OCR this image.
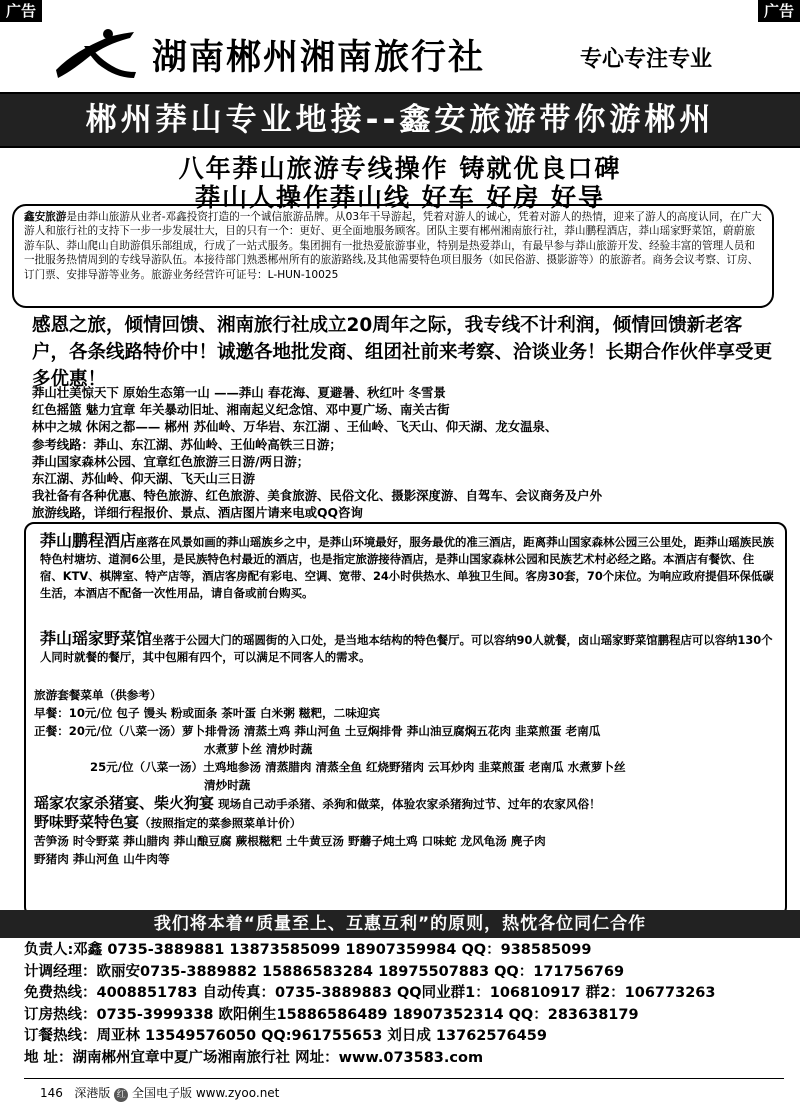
广告	广告
湖南郴州湘南旅行社	专心专注专业
郴州莽山专业地接--鑫安旅游带你游郴州
八年莽山旅游专线操作 铸就优良口碑
莽山人操作莽山线 好车 好房 好导
鑫安旅游是由莽山旅游从业者-邓鑫投资打造的一个诚信旅游品牌。从03年干导游起，凭着对游人的诚心，凭着对游人的热情，迎来了游人的高度认同，在广大游人和旅行社的支持下一步一步发展壮大，目的只有一个：更好、更全面地服务顾客。团队主要有郴州湘南旅行社，莽山鹏程酒店，莽山瑶家野菜馆，蔚蔚旅游车队、莽山爬山自助游俱乐部组成，行成了一站式服务。集团拥有一批热爱旅游事业，特别是热爱莽山，有最早参与莽山旅游开发、经验丰富的管理人员和一批服务热情周到的专线导游队伍。本接待部门熟悉郴州所有的旅游路线,及其他需要特色项目服务（如民俗游、摄影游等）的旅游者。商务会议考察、订房、订门票、安排导游等业务。旅游业务经营许可证号：L-HUN-10025
感恩之旅，倾情回馈、湘南旅行社成立20周年之际，我专线不计利润，倾情回馈新老客户，各条线路特价中！诚邀各地批发商、组团社前来考察、洽谈业务！长期合作伙伴享受更多优惠！
莽山壮美惊天下 原始生态第一山 ——莽山 春花海、夏避暑、秋红叶 冬雪景
红色摇篮 魅力宜章 年关暴动旧址、湘南起义纪念馆、邓中夏广场、南关古街
林中之城 休闲之都—— 郴州 苏仙岭、万华岩、东江湖 、王仙岭、飞天山、仰天湖、龙女温泉、
参考线路：莽山、东江湖、苏仙岭、王仙岭高铁三日游；
莽山国家森林公园、宜章红色旅游三日游/两日游；
东江湖、苏仙岭、仰天湖、飞天山三日游
我社备有各种优惠、特色旅游、红色旅游、美食旅游、民俗文化、摄影深度游、自驾车、会议商务及户外
旅游线路，详细行程报价、景点、酒店图片请来电或QQ咨询
莽山鹏程酒店座落在风景如画的莽山瑶族乡之中，是莽山环境最好，服务最优的准三酒店，距离莽山国家森林公园三公里处，距莽山瑶族民族特色村塘坊、道洞6公里，是民族特色村最近的酒店，也是指定旅游接待酒店，是莽山国家森林公园和民族艺术村必经之路。本酒店有餐饮、住宿、KTV、棋牌室、特产店等，酒店客房配有彩电、空调、宽带、24小时供热水、单独卫生间。客房30套，70个床位。为响应政府提倡环保低碳生活，本酒店不配备一次性用品，请自备或前台购买。
莽山瑶家野菜馆坐落于公园大门的瑶圆街的入口处，是当地本结构的特色餐厅。可以容纳90人就餐，卤山瑶家野菜馆鹏程店可以容纳130个人同时就餐的餐厅，其中包厢有四个，可以满足不同客人的需求。
旅游套餐菜单（供参考）
早餐：10元/位 包子 馒头 粉或面条 茶叶蛋 白米粥 糍粑，二味迎宾
正餐：20元/位（八菜一汤）萝卜排骨汤 清蒸土鸡 莽山河鱼 土豆焖排骨 莽山油豆腐焖五花肉 韭菜煎蛋 老南瓜
水煮萝卜丝 清炒时蔬
25元/位（八菜一汤）土鸡地参汤 清蒸腊肉 清蒸全鱼 红烧野猪肉 云耳炒肉 韭菜煎蛋 老南瓜 水煮萝卜丝
清炒时蔬
瑶家农家杀猪宴、柴火狗宴 现场自己动手杀猪、杀狗和做菜，体验农家杀猪狗过节、过年的农家风俗！
野味野菜特色宴（按照指定的菜参照菜单计价）
苦笋汤 时令野菜 莽山腊肉 莽山酿豆腐 蕨根糍粑 土牛黄豆汤 野蘑子炖土鸡 口味蛇 龙风龟汤 麂子肉
野猪肉 莽山河鱼 山牛肉等
我们将本着“质量至上、互惠互利”的原则，热忱各位同仁合作
负责人:邓鑫 0735-3889881 13873585099 18907359984 QQ：938585099
计调经理：欧丽安0735-3889882 15886583284 18975507883 QQ：171756769
免费热线：4008851783 自动传真：0735-3889883 QQ同业群1：106810917 群2：106773263
订房热线：0735-3999338 欧阳俐生15886586489 18907352314 QQ：283638179
订餐热线：周亚林 13549576050 QQ:961755653 刘日成 13762576459
地 址：湖南郴州宜章中夏广场湘南旅行社 网址：www.073583.com
146 深港版 红 全国电子版 www.zyoo.net
